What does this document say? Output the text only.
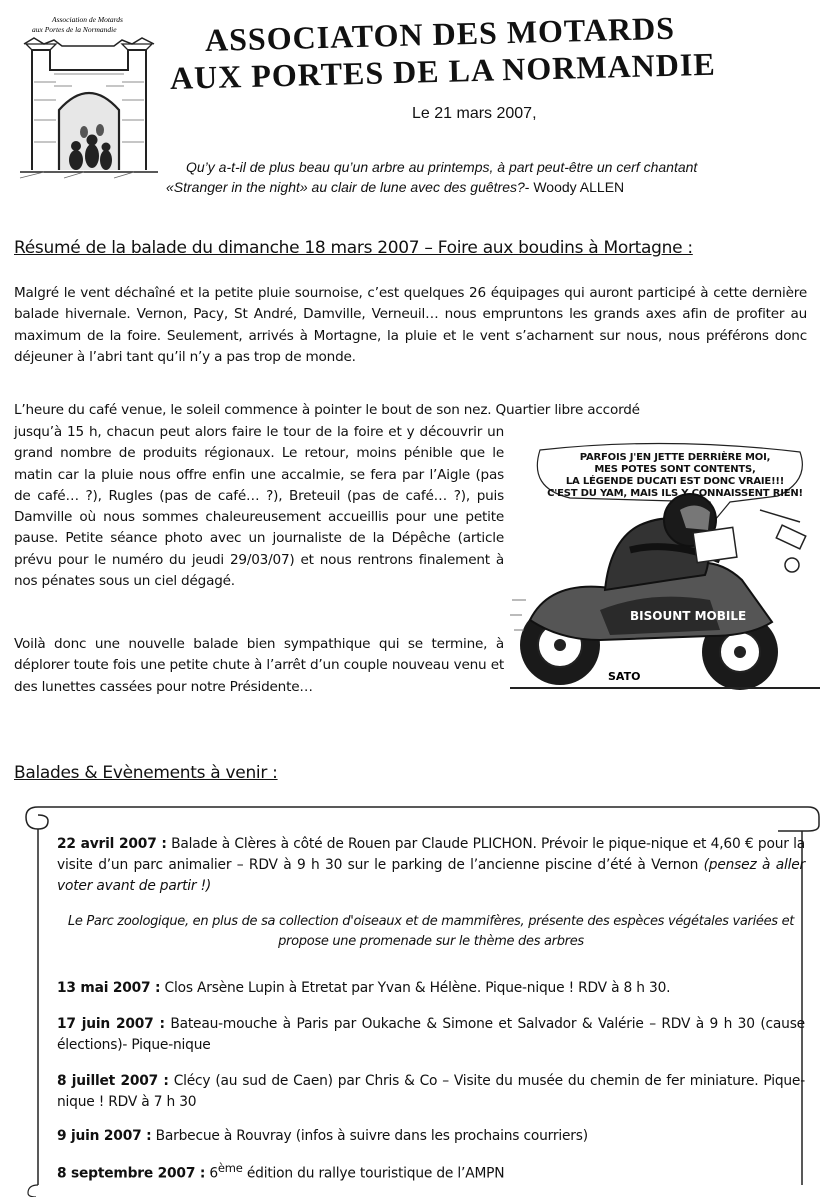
Association de Motards
aux Portes de la Normandie	ASSOCIATON DES MOTARDS
AUX PORTES DE LA NORMANDIE
Le 21 mars 2007,
Qu’y a-t-il de plus beau qu’un arbre au printemps, à part peut-être un cerf chantant
«Stranger in the night» au clair de lune avec des guêtres?- Woody ALLEN
Résumé de la balade du dimanche 18 mars 2007 – Foire aux boudins à Mortagne :
Malgré le vent déchaîné et la petite pluie sournoise, c’est quelques 26 équipages qui auront participé à cette dernière balade hivernale. Vernon, Pacy, St André, Damville, Verneuil… nous empruntons les grands axes afin de profiter au maximum de la foire. Seulement, arrivés à Mortagne, la pluie et le vent s’acharnent sur nous, nous préférons donc déjeuner à l’abri tant qu’il n’y a pas trop de monde.
L’heure du café venue, le soleil commence à pointer le bout de son nez. Quartier libre accordé
jusqu’à 15 h, chacun peut alors faire le tour de la foire et y découvrir un grand nombre de produits régionaux. Le retour, moins pénible que le matin car la pluie nous offre enfin une accalmie, se fera par l’Aigle (pas de café… ?), Rugles (pas de café… ?), Breteuil (pas de café… ?), puis Damville où nous sommes chaleureusement accueillis pour une petite pause. Petite séance photo avec un journaliste de la Dépêche (article prévu pour le numéro du jeudi 29/03/07) et nous rentrons finalement à nos pénates sous un ciel dégagé.
Voilà donc une nouvelle balade bien sympathique qui se termine, à déplorer toute fois une petite chute à l’arrêt d’un couple nouveau venu et des lunettes cassées pour notre Présidente…
BISOUNT MOBILE
SATO
PARFOIS J'EN JETTE DERRIÈRE MOI,
MES POTES SONT CONTENTS,
LA LÉGENDE DUCATI EST DONC VRAIE!!!
C'EST DU YAM, MAIS ILS Y CONNAISSENT RIEN!
Balades & Evènements à venir :
22 avril 2007 : Balade à Clères à côté de Rouen par Claude PLICHON. Prévoir le pique-nique et 4,60 € pour la visite d’un parc animalier – RDV à 9 h 30 sur le parking de l’ancienne piscine d’été à Vernon (pensez à aller voter avant de partir !)
Le Parc zoologique, en plus de sa collection d'oiseaux et de mammifères, présente des espèces végétales variées et propose une promenade sur le thème des arbres
13 mai 2007 : Clos Arsène Lupin à Etretat par Yvan & Hélène. Pique-nique ! RDV à 8 h 30.
17 juin 2007 : Bateau-mouche à Paris par Oukache & Simone et Salvador & Valérie – RDV à 9 h 30 (cause élections)- Pique-nique
8 juillet 2007 : Clécy (au sud de Caen) par Chris & Co – Visite du musée du chemin de fer miniature. Pique-nique ! RDV à 7 h 30
9 juin 2007 : Barbecue à Rouvray (infos à suivre dans les prochains courriers)
8 septembre 2007 : 6ème édition du rallye touristique de l’AMPN
